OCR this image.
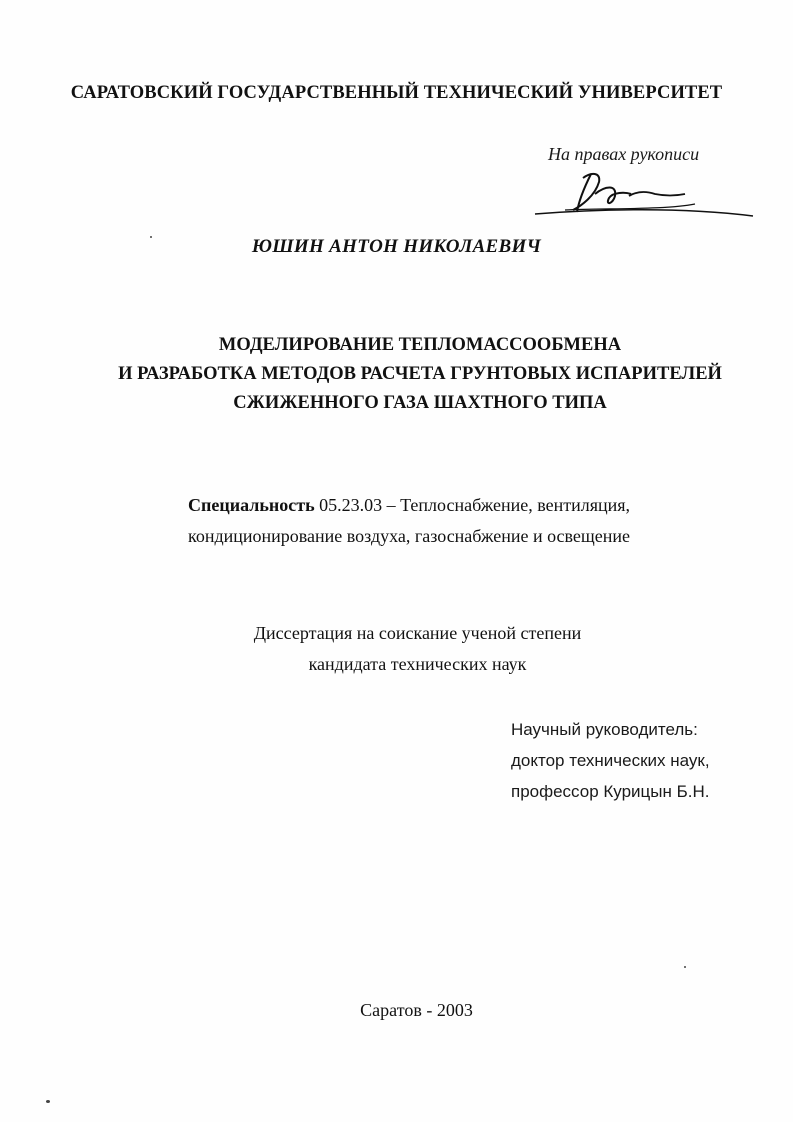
САРАТОВСКИЙ ГОСУДАРСТВЕННЫЙ ТЕХНИЧЕСКИЙ УНИВЕРСИТЕТ
На правах рукописи
ЮШИН АНТОН НИКОЛАЕВИЧ
МОДЕЛИРОВАНИЕ ТЕПЛОМАССООБМЕНА
И РАЗРАБОТКА МЕТОДОВ РАСЧЕТА ГРУНТОВЫХ ИСПАРИТЕЛЕЙ
СЖИЖЕННОГО ГАЗА ШАХТНОГО ТИПА
Специальность 05.23.03 – Теплоснабжение, вентиляция,
кондиционирование воздуха, газоснабжение и освещение
Диссертация на соискание ученой степени
кандидата технических наук
Научный руководитель:
доктор технических наук,
профессор Курицын Б.Н.
Саратов - 2003
